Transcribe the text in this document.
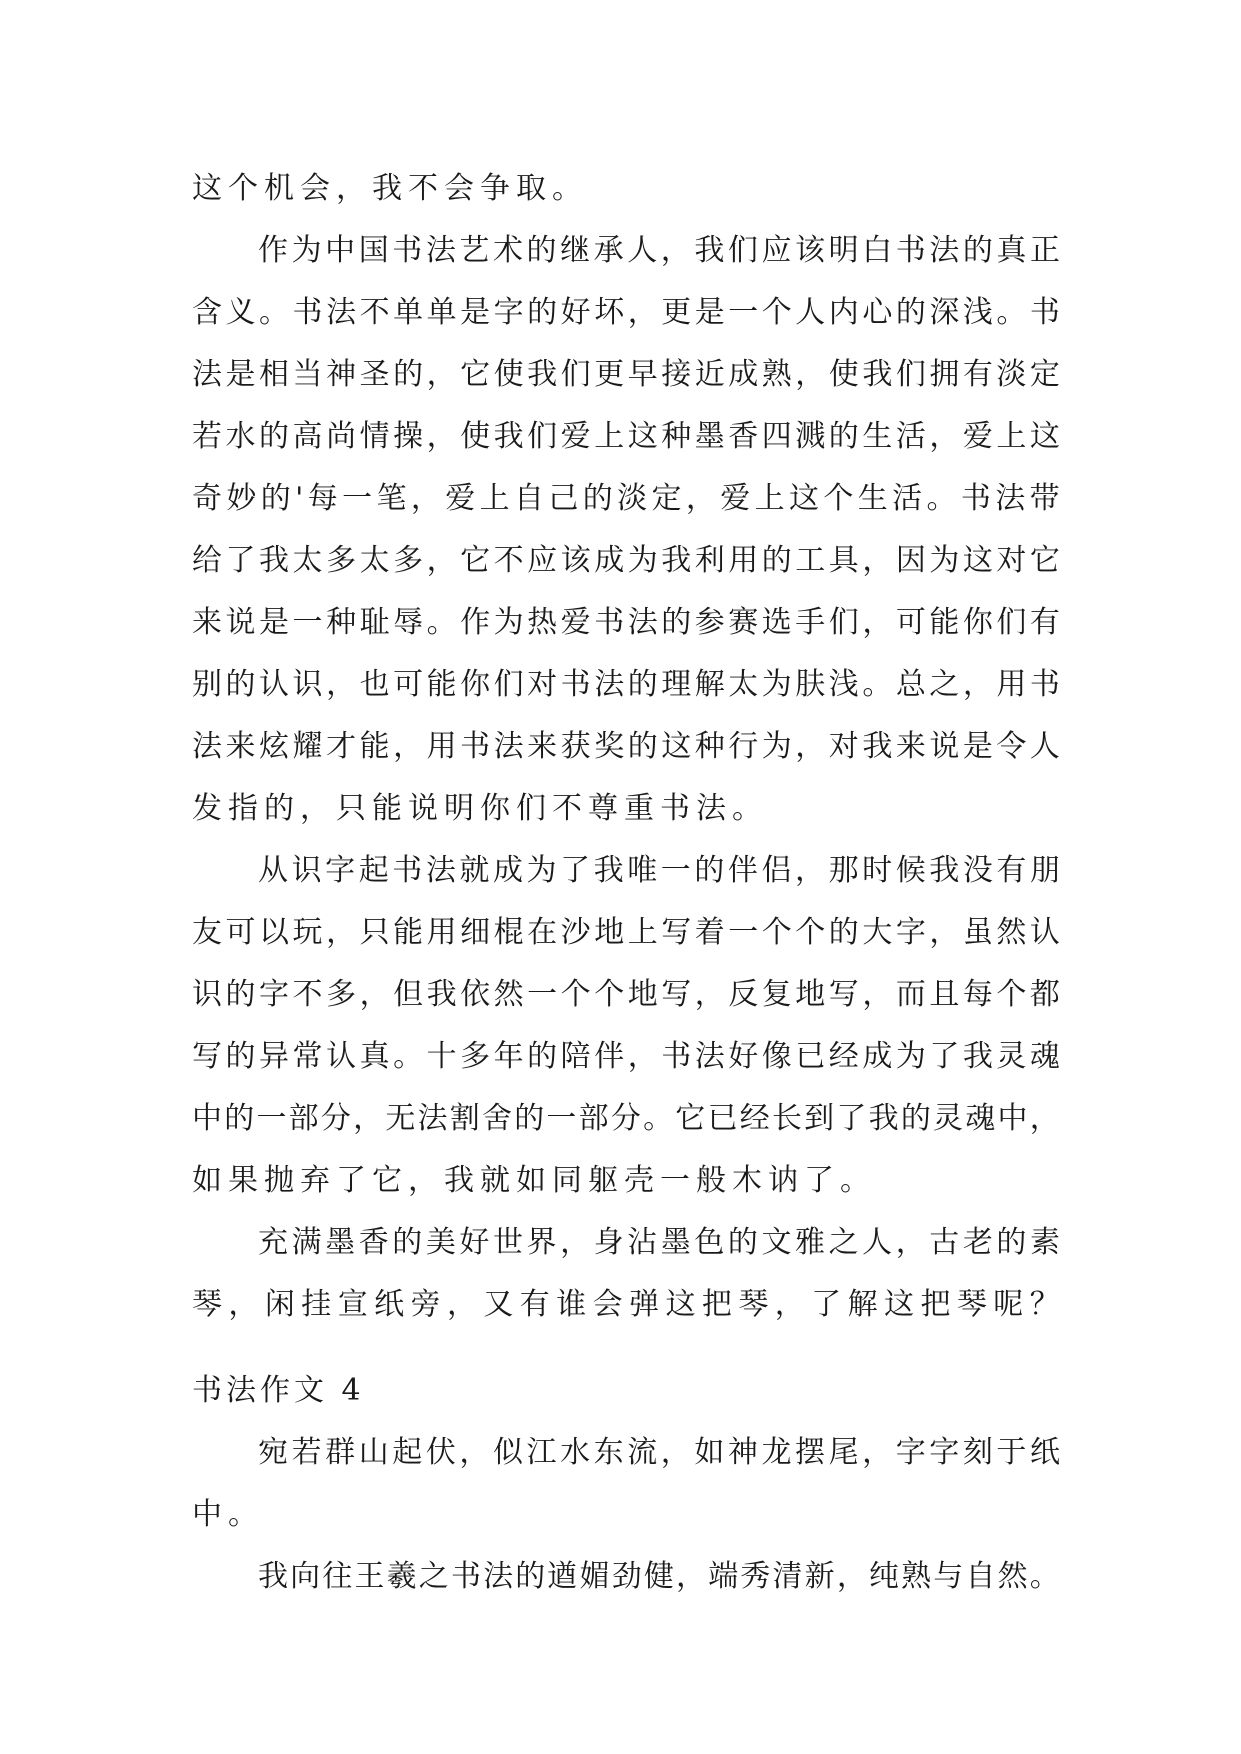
这个机会，我不会争取。
作 为 中 国 书 法 艺 术 的 继 承 人 ， 我 们 应 该 明 白 书 法 的 真 正
含 义 。 书 法 不 单 单 是 字 的 好 坏 ， 更 是 一 个 人 内 心 的 深 浅 。 书
法 是 相 当 神 圣 的 ， 它 使 我 们 更 早 接 近 成 熟 ， 使 我 们 拥 有 淡 定
若 水 的 高 尚 情 操 ， 使 我 们 爱 上 这 种 墨 香 四 溅 的 生 活 ， 爱 上 这
奇 妙 的 ' 每 一 笔 ， 爱 上 自 己 的 淡 定 ， 爱 上 这 个 生 活 。 书 法 带
给 了 我 太 多 太 多 ， 它 不 应 该 成 为 我 利 用 的 工 具 ， 因 为 这 对 它
来 说 是 一 种 耻 辱 。 作 为 热 爱 书 法 的 参 赛 选 手 们 ， 可 能 你 们 有
别 的 认 识 ， 也 可 能 你 们 对 书 法 的 理 解 太 为 肤 浅 。 总 之 ， 用 书
法 来 炫 耀 才 能 ， 用 书 法 来 获 奖 的 这 种 行 为 ， 对 我 来 说 是 令 人
发指的，只能说明你们不尊重书法。
从 识 字 起 书 法 就 成 为 了 我 唯 一 的 伴 侣 ， 那 时 候 我 没 有 朋
友 可 以 玩 ， 只 能 用 细 棍 在 沙 地 上 写 着 一 个 个 的 大 字 ， 虽 然 认
识 的 字 不 多 ， 但 我 依 然 一 个 个 地 写 ， 反 复 地 写 ， 而 且 每 个 都
写 的 异 常 认 真 。 十 多 年 的 陪 伴 ， 书 法 好 像 已 经 成 为 了 我 灵 魂
中 的 一 部 分 ， 无 法 割 舍 的 一 部 分 。 它 已 经 长 到 了 我 的 灵 魂 中 ，
如果抛弃了它，我就如同躯壳一般木讷了。
充 满 墨 香 的 美 好 世 界 ， 身 沾 墨 色 的 文 雅 之 人 ， 古 老 的 素
琴 ， 闲 挂 宣 纸 旁 ， 又 有 谁 会 弹 这 把 琴 ， 了 解 这 把 琴 呢 ？
书法作文 4
宛 若 群 山 起 伏 ， 似 江 水 东 流 ， 如 神 龙 摆 尾 ， 字 字 刻 于 纸
中。
我 向 往 王 羲 之 书 法 的 遒 媚 劲 健 ， 端 秀 清 新 ， 纯 熟 与 自 然 。
